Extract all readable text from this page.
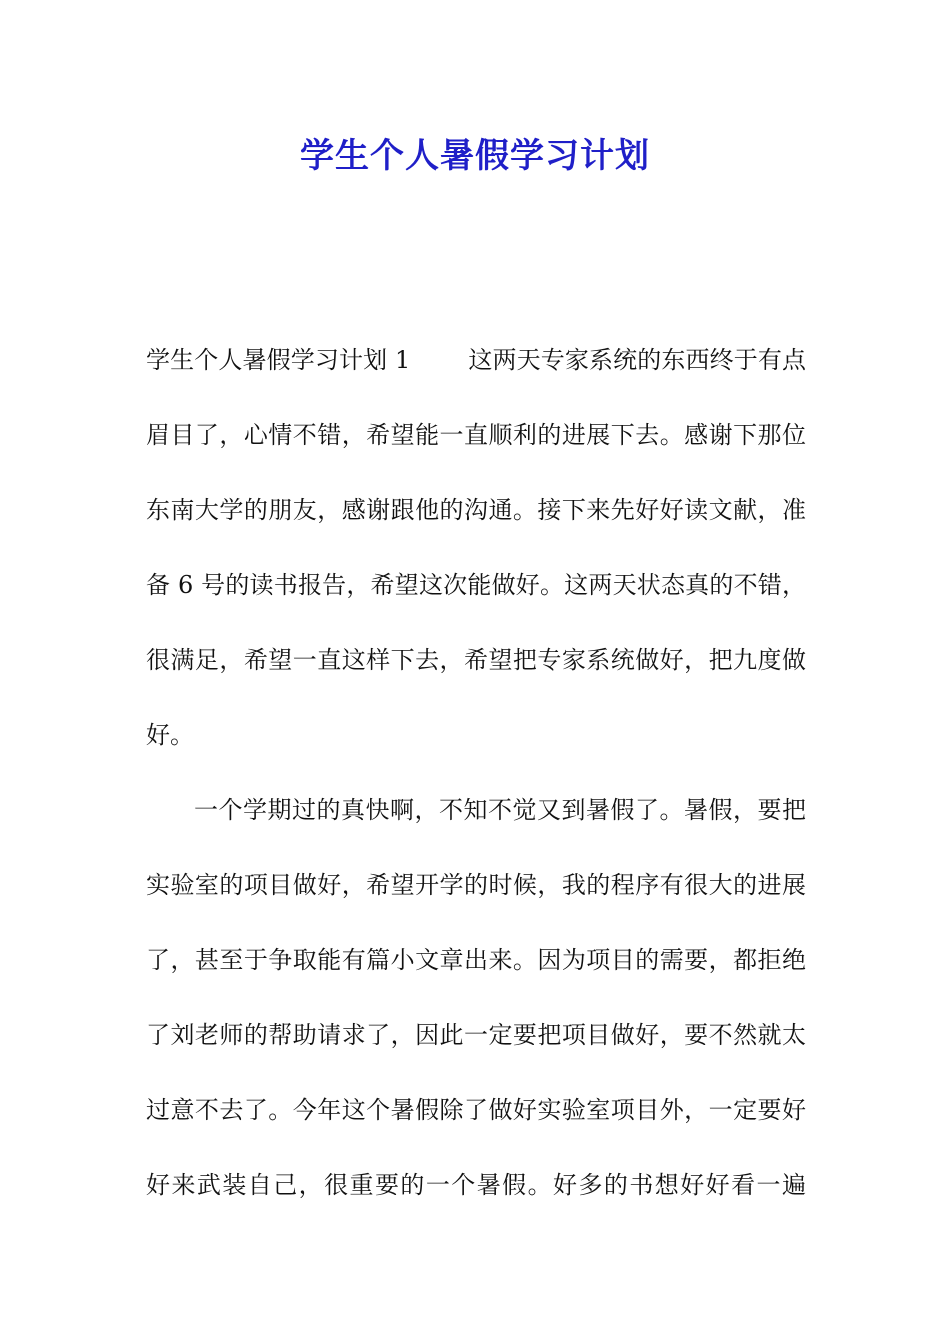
学生个人暑假学习计划
学生个人暑假学习计划 1 这两天专家系统的东西终于有点
眉目了，心情不错，希望能一直顺利的进展下去。感谢下那位
东南大学的朋友，感谢跟他的沟通。接下来先好好读文献，准
备 6 号的读书报告，希望这次能做好。这两天状态真的不错，
很满足，希望一直这样下去，希望把专家系统做好，把九度做
好。
一个学期过的真快啊，不知不觉又到暑假了。暑假，要把
实验室的项目做好，希望开学的时候，我的程序有很大的进展
了，甚至于争取能有篇小文章出来。因为项目的需要，都拒绝
了刘老师的帮助请求了，因此一定要把项目做好，要不然就太
过意不去了。今年这个暑假除了做好实验室项目外，一定要好
好来武装自己，很重要的一个暑假。好多的书想好好看一遍
